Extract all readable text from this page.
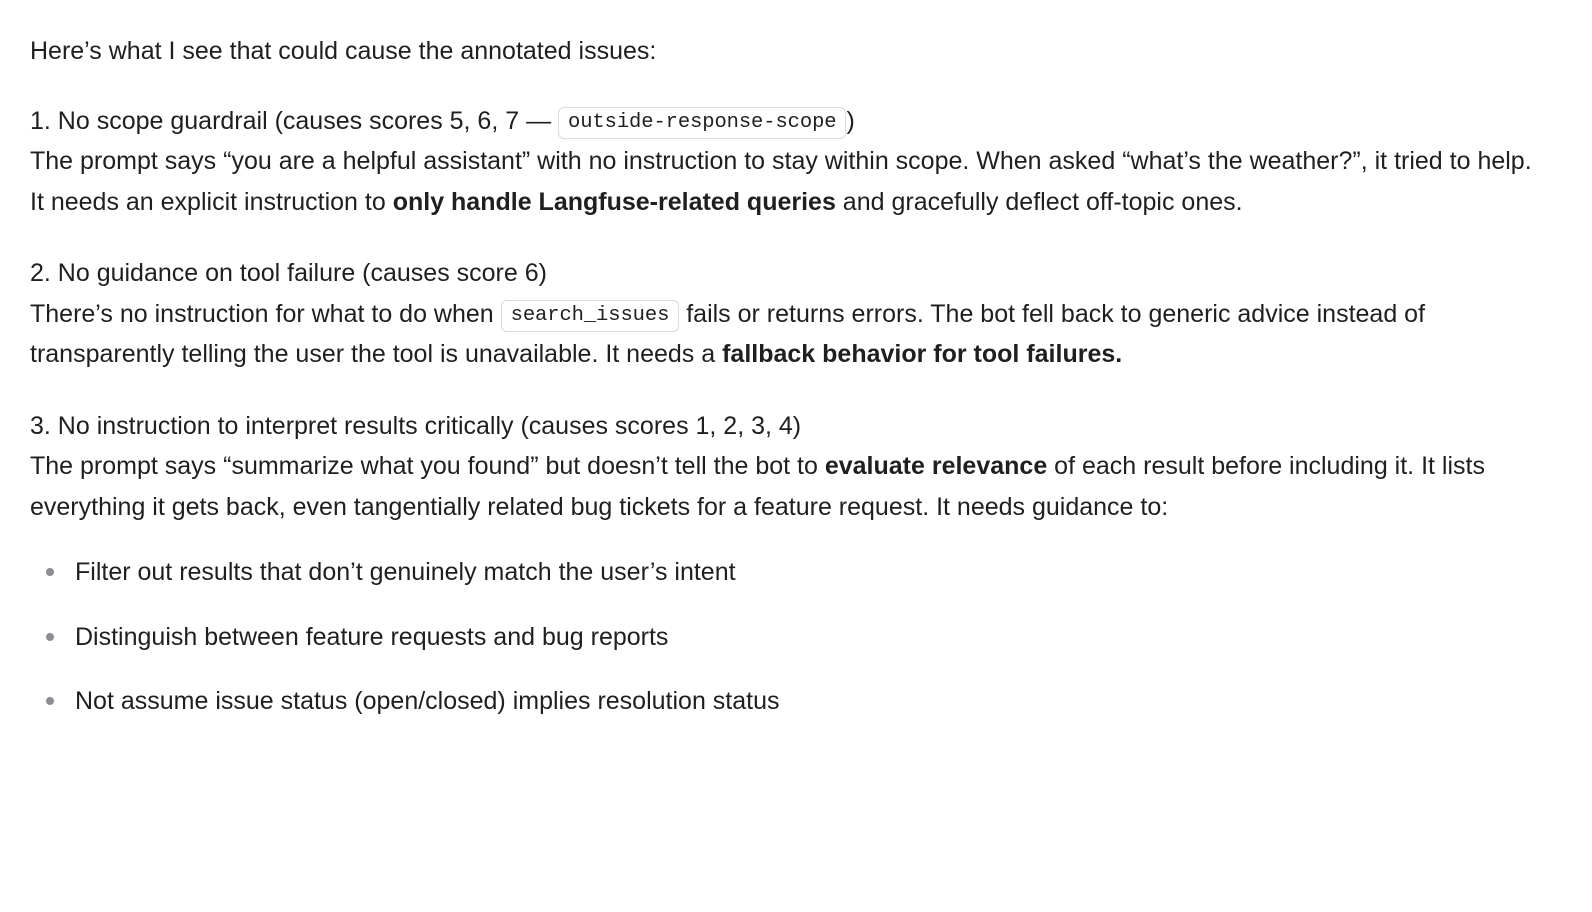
Here’s what I see that could cause the annotated issues:

1. No scope guardrail (causes scores 5, 6, 7 — outside-response-scope )

The prompt says “you are a helpful assistant” with no instruction to stay within scope. When asked “what’s the weather?”, it tried to help. It needs an explicit instruction to only handle Langfuse-related queries and gracefully deflect off-topic ones.

2. No guidance on tool failure (causes score 6)

There’s no instruction for what to do when search_issues fails or returns errors. The bot fell back to generic advice instead of transparently telling the user the tool is unavailable. It needs a fallback behavior for tool failures.

3. No instruction to interpret results critically (causes scores 1, 2, 3, 4)

The prompt says “summarize what you found” but doesn’t tell the bot to evaluate relevance of each result before including it. It lists everything it gets back, even tangentially related bug tickets for a feature request. It needs guidance to:

Filter out results that don’t genuinely match the user’s intent
Distinguish between feature requests and bug reports
Not assume issue status (open/closed) implies resolution status
